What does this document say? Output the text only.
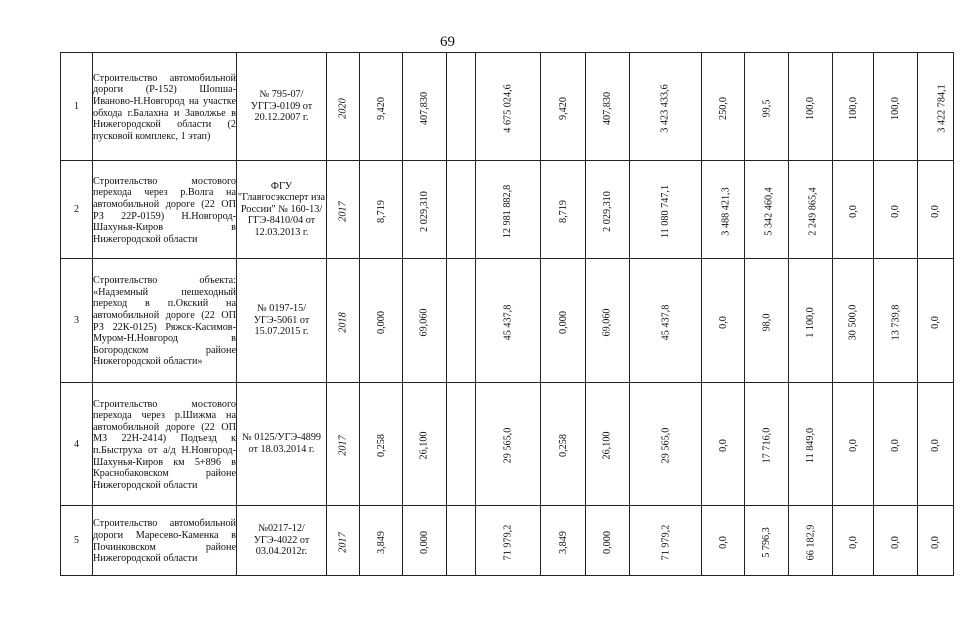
69
1	Строительство автомобильной дороги (Р-152) Шопша-Иваново-Н.Новгород на участке обхода г.Балахна и Заволжье в Нижегородской области (2 пусковой комплекс, 1 этап)	№ 795-07/УГГЭ-0109 от 20.12.2007 г.	2020	9,420	407,830		4 675 024,6	9,420	407,830	3 423 433,6	250,0	99,5	100,0	100,0	100,0	3 422 784,1
2	Строительство мостового перехода через р.Волга на автомобильной дороге (22 ОП РЗ 22Р-0159) Н.Новгород-Шахунья-Киров в Нижегородской области	ФГУ "Главгосэксперт иза России" № 160-13/ГГЭ-8410/04 от 12.03.2013 г.	2017	8,719	2 029,310		12 981 882,8	8,719	2 029,310	11 080 747,1	3 488 421,3	5 342 460,4	2 249 865,4	0,0	0,0	0,0
3	Строительство объекта: «Надземный пешеходный переход в п.Окский на автомобильной дороге (22 ОП РЗ 22К-0125) Ряжск-Касимов-Муром-Н.Новгород в Богородском районе Нижегородской области»	№ 0197-15/УГЭ-5061 от 15.07.2015 г.	2018	0,000	69,060		45 437,8	0,000	69,060	45 437,8	0,0	98,0	1 100,0	30 500,0	13 739,8	0,0
4	Строительство мостового перехода через р.Шижма на автомобильной дороге (22 ОП МЗ 22Н-2414) Подъезд к п.Быструха от а/д Н.Новгород-Шахунья-Киров км 5+896 в Краснобаковском районе Нижегородской области	№ 0125/УГЭ-4899 от 18.03.2014 г.	2017	0,258	26,100		29 565,0	0,258	26,100	29 565,0	0,0	17 716,0	11 849,0	0,0	0,0	0,0
5	Строительство автомобильной дороги Маресево-Каменка в Починковском районе Нижегородской области	№0217-12/УГЭ-4022 от 03.04.2012г.	2017	3,849	0,000		71 979,2	3,849	0,000	71 979,2	0,0	5 796,3	66 182,9	0,0	0,0	0,0
